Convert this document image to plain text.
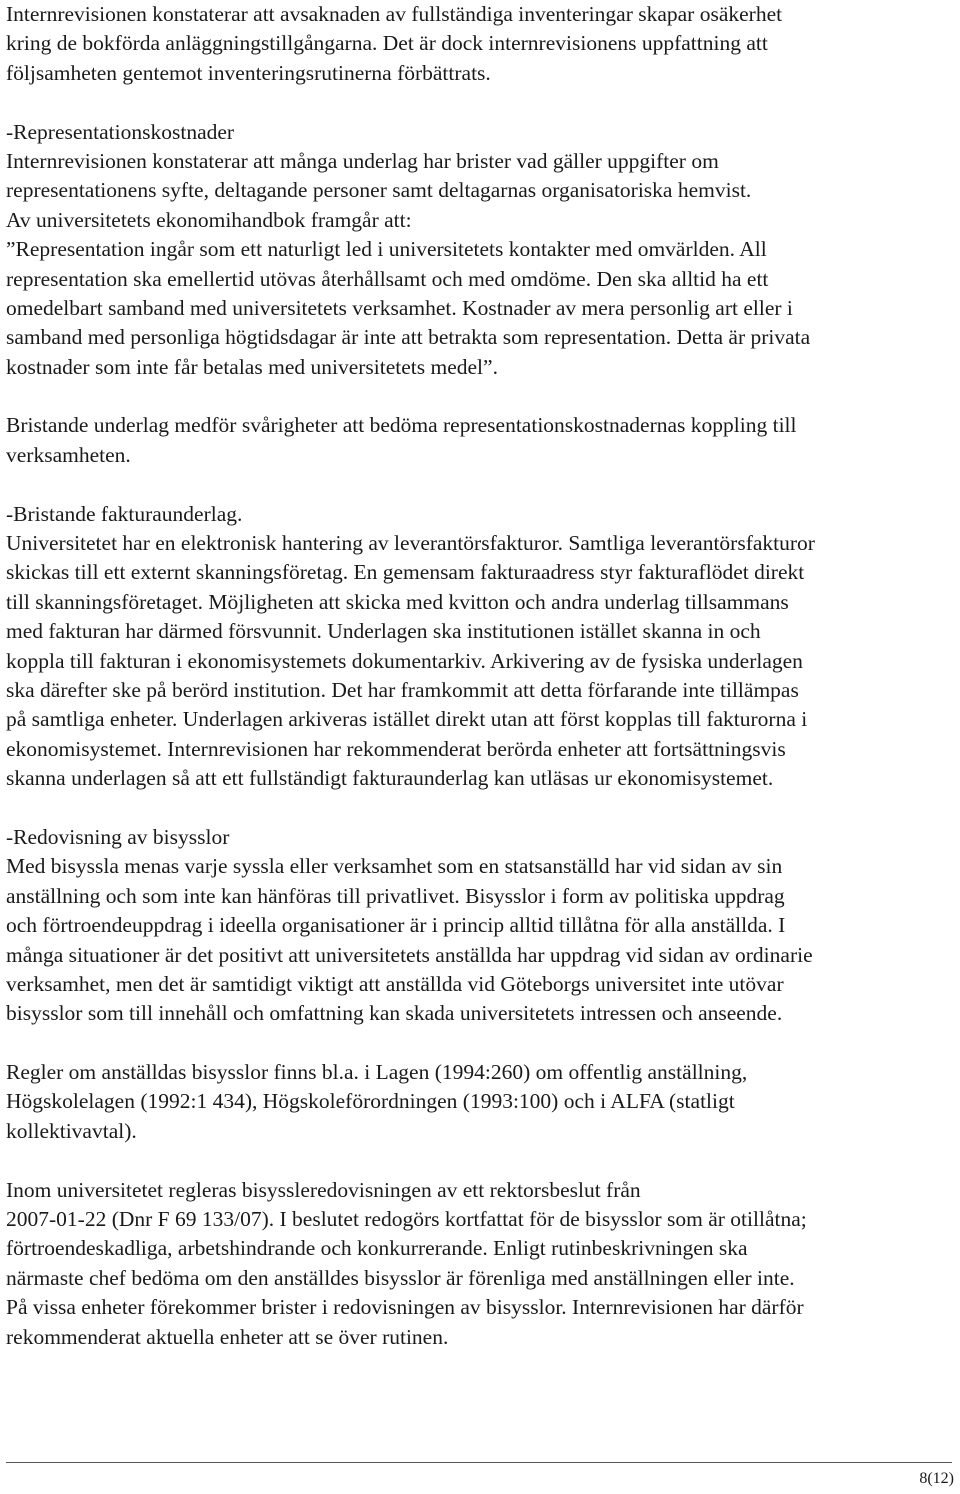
Internrevisionen konstaterar att avsaknaden av fullständiga inventeringar skapar osäkerhet

kring de bokförda anläggningstillgångarna. Det är dock internrevisionens uppfattning att

följsamheten gentemot inventeringsrutinerna förbättrats.

-Representationskostnader

Internrevisionen konstaterar att många underlag har brister vad gäller uppgifter om

representationens syfte, deltagande personer samt deltagarnas organisatoriska hemvist.

Av universitetets ekonomihandbok framgår att:

”Representation ingår som ett naturligt led i universitetets kontakter med omvärlden. All

representation ska emellertid utövas återhållsamt och med omdöme. Den ska alltid ha ett

omedelbart samband med universitetets verksamhet. Kostnader av mera personlig art eller i

samband med personliga högtidsdagar är inte att betrakta som representation. Detta är privata

kostnader som inte får betalas med universitetets medel”.

Bristande underlag medför svårigheter att bedöma representationskostnadernas koppling till

verksamheten.

-Bristande fakturaunderlag.

Universitetet har en elektronisk hantering av leverantörsfakturor. Samtliga leverantörsfakturor

skickas till ett externt skanningsföretag. En gemensam fakturaadress styr fakturaflödet direkt

till skanningsföretaget. Möjligheten att skicka med kvitton och andra underlag tillsammans

med fakturan har därmed försvunnit. Underlagen ska institutionen istället skanna in och

koppla till fakturan i ekonomisystemets dokumentarkiv. Arkivering av de fysiska underlagen

ska därefter ske på berörd institution. Det har framkommit att detta förfarande inte tillämpas

på samtliga enheter. Underlagen arkiveras istället direkt utan att först kopplas till fakturorna i

ekonomisystemet. Internrevisionen har rekommenderat berörda enheter att fortsättningsvis

skanna underlagen så att ett fullständigt fakturaunderlag kan utläsas ur ekonomisystemet.

-Redovisning av bisysslor

Med bisyssla menas varje syssla eller verksamhet som en statsanställd har vid sidan av sin

anställning och som inte kan hänföras till privatlivet. Bisysslor i form av politiska uppdrag

och förtroendeuppdrag i ideella organisationer är i princip alltid tillåtna för alla anställda. I

många situationer är det positivt att universitetets anställda har uppdrag vid sidan av ordinarie

verksamhet, men det är samtidigt viktigt att anställda vid Göteborgs universitet inte utövar

bisysslor som till innehåll och omfattning kan skada universitetets intressen och anseende.

Regler om anställdas bisysslor finns bl.a. i Lagen (1994:260) om offentlig anställning,

Högskolelagen (1992:1 434), Högskoleförordningen (1993:100) och i ALFA (statligt

kollektivavtal).

Inom universitetet regleras bisyssleredovisningen av ett rektorsbeslut från

2007-01-22 (Dnr F 69 133/07). I beslutet redogörs kortfattat för de bisysslor som är otillåtna;

förtroendeskadliga, arbetshindrande och konkurrerande. Enligt rutinbeskrivningen ska

närmaste chef bedöma om den anställdes bisysslor är förenliga med anställningen eller inte.

På vissa enheter förekommer brister i redovisningen av bisysslor. Internrevisionen har därför

rekommenderat aktuella enheter att se över rutinen.

8(12)
